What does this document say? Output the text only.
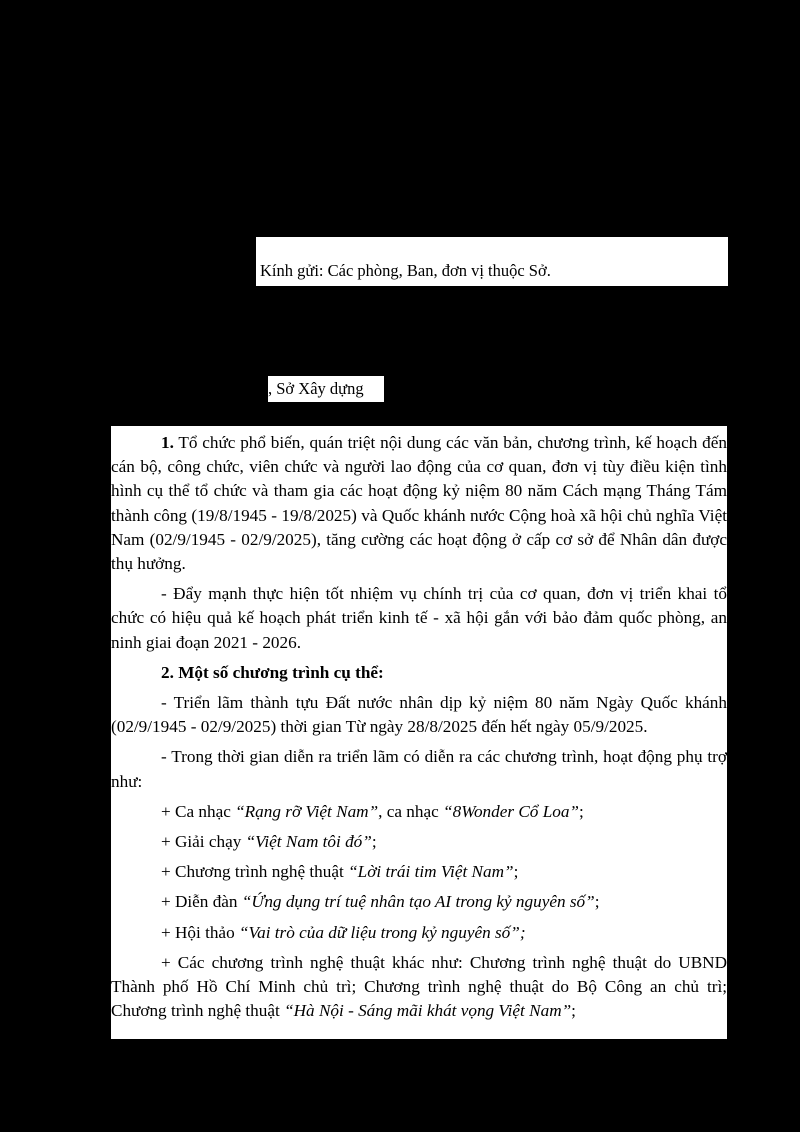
Kính gửi: Các phòng, Ban, đơn vị thuộc Sở.
, Sở Xây dựng

1. Tổ chức phổ biến, quán triệt nội dung các văn bản, chương trình, kế hoạch đến cán bộ, công chức, viên chức và người lao động của cơ quan, đơn vị tùy điều kiện tình hình cụ thể tổ chức và tham gia các hoạt động kỷ niệm 80 năm Cách mạng Tháng Tám thành công (19/8/1945 - 19/8/2025) và Quốc khánh nước Cộng hoà xã hội chủ nghĩa Việt Nam (02/9/1945 - 02/9/2025), tăng cường các hoạt động ở cấp cơ sở để Nhân dân được thụ hưởng.

- Đẩy mạnh thực hiện tốt nhiệm vụ chính trị của cơ quan, đơn vị triển khai tổ chức có hiệu quả kế hoạch phát triển kinh tế - xã hội gắn với bảo đảm quốc phòng, an ninh giai đoạn 2021 - 2026.

2. Một số chương trình cụ thể:

- Triển lãm thành tựu Đất nước nhân dịp kỷ niệm 80 năm Ngày Quốc khánh (02/9/1945 - 02/9/2025) thời gian Từ ngày 28/8/2025 đến hết ngày 05/9/2025.

- Trong thời gian diễn ra triển lãm có diễn ra các chương trình, hoạt động phụ trợ như:

+ Ca nhạc “Rạng rỡ Việt Nam”, ca nhạc “8Wonder Cổ Loa”;

+ Giải chạy “Việt Nam tôi đó”;

+ Chương trình nghệ thuật “Lời trái tim Việt Nam”;

+ Diễn đàn “Ứng dụng trí tuệ nhân tạo AI trong kỷ nguyên số”;

+ Hội thảo “Vai trò của dữ liệu trong kỷ nguyên số”;

+ Các chương trình nghệ thuật khác như: Chương trình nghệ thuật do UBND Thành phố Hồ Chí Minh chủ trì; Chương trình nghệ thuật do Bộ Công an chủ trì; Chương trình nghệ thuật “Hà Nội - Sáng mãi khát vọng Việt Nam”;
